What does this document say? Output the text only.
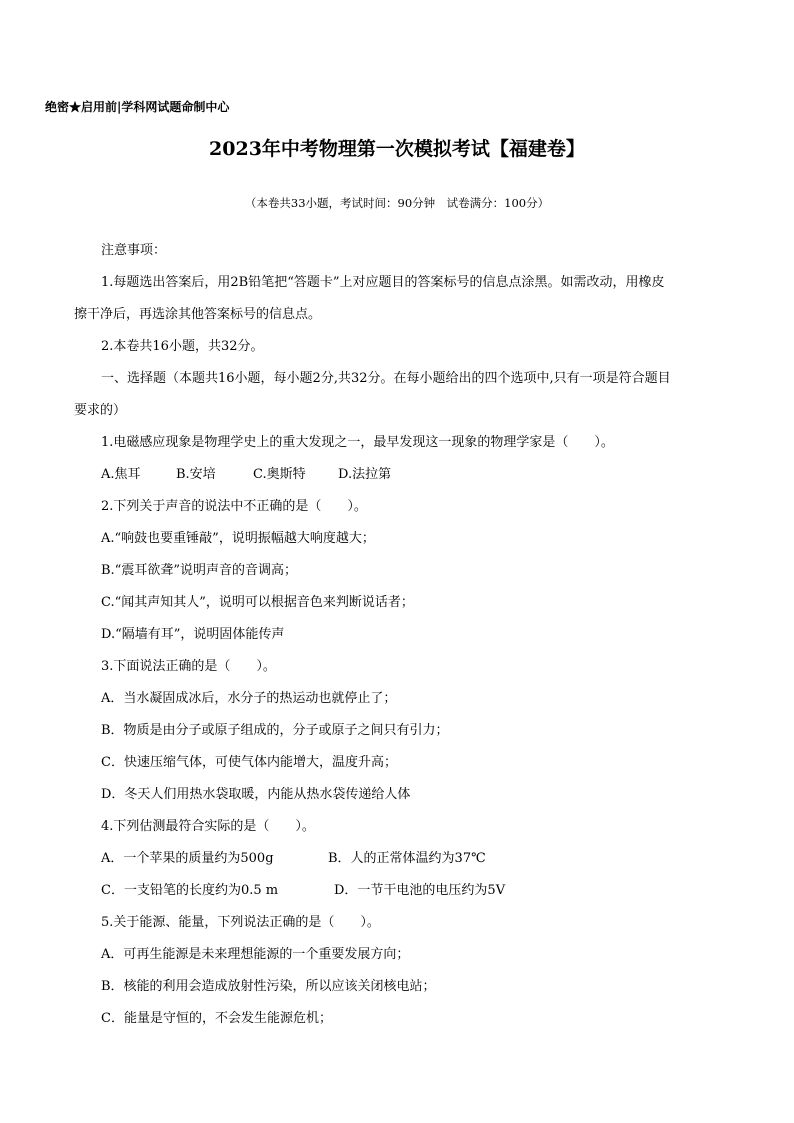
绝密★启用前|学科网试题命制中心
2023年中考物理第一次模拟考试【福建卷】
（本卷共33小题，考试时间：90分钟　试卷满分：100分）
注意事项：
1.每题选出答案后，用2B铅笔把“答题卡”上对应题目的答案标号的信息点涂黑。如需改动，用橡皮
擦干净后，再选涂其他答案标号的信息点。
2.本卷共16小题，共32分。
一、选择题（本题共16小题，每小题2分,共32分。在每小题给出的四个选项中,只有一项是符合题目
要求的）
1.电磁感应现象是物理学史上的重大发现之一，最早发现这一现象的物理学家是（　　）。
A.焦耳	B.安培	C.奥斯特 D.法拉第
2.下列关于声音的说法中不正确的是（　　）。
A.“响鼓也要重锤敲”，说明振幅越大响度越大；
B.“震耳欲聋”说明声音的音调高；
C.“闻其声知其人”，说明可以根据音色来判断说话者；
D.“隔墙有耳”，说明固体能传声
3.下面说法正确的是（　　）。
A．当水凝固成冰后，水分子的热运动也就停止了；
B．物质是由分子或原子组成的，分子或原子之间只有引力；
C．快速压缩气体，可使气体内能增大，温度升高；
D．冬天人们用热水袋取暖，内能从热水袋传递给人体
4.下列估测最符合实际的是（　　）。
A．一个苹果的质量约为500g	B．人的正常体温约为37℃
C．一支铅笔的长度约为0.5 m	D．一节干电池的电压约为5V
5.关于能源、能量，下列说法正确的是（　　）。
A．可再生能源是未来理想能源的一个重要发展方向；
B．核能的利用会造成放射性污染，所以应该关闭核电站；
C．能量是守恒的，不会发生能源危机；
